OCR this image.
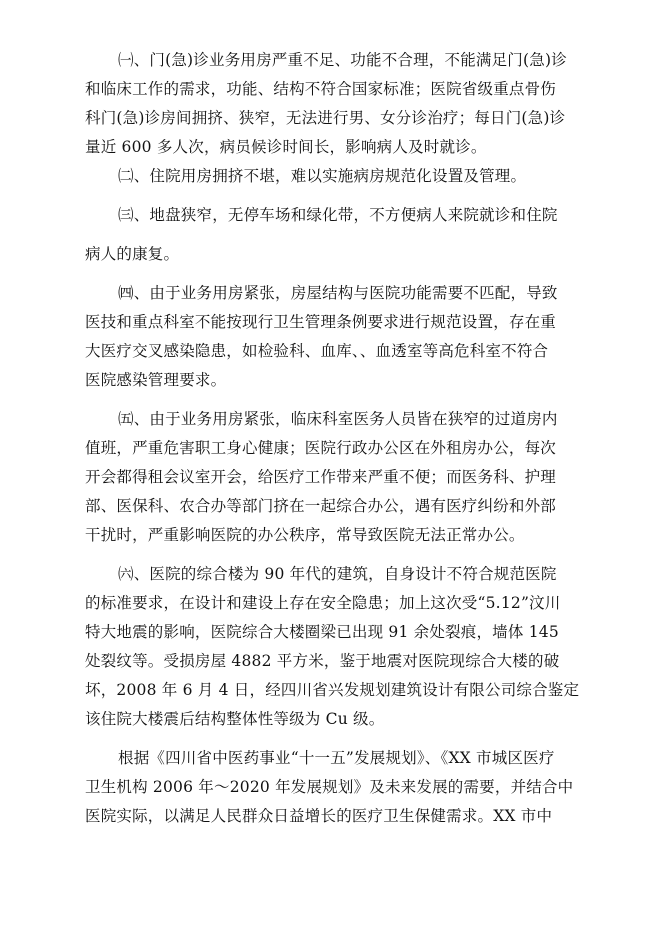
㈠、门(急)诊业务用房严重不足、功能不合理，不能满足门(急)诊
和临床工作的需求，功能、结构不符合国家标准；医院省级重点骨伤
科门(急)诊房间拥挤、狭窄，无法进行男、女分诊治疗；每日门(急)诊
量近 600 多人次，病员候诊时间长，影响病人及时就诊。
㈡、住院用房拥挤不堪，难以实施病房规范化设置及管理。
㈢、地盘狭窄，无停车场和绿化带，不方便病人来院就诊和住院
病人的康复。
㈣、由于业务用房紧张，房屋结构与医院功能需要不匹配，导致
医技和重点科室不能按现行卫生管理条例要求进行规范设置，存在重
大医疗交叉感染隐患，如检验科、血库、、血透室等高危科室不符合
医院感染管理要求。
㈤、由于业务用房紧张，临床科室医务人员皆在狭窄的过道房内
值班，严重危害职工身心健康；医院行政办公区在外租房办公，每次
开会都得租会议室开会，给医疗工作带来严重不便；而医务科、护理
部、医保科、农合办等部门挤在一起综合办公，遇有医疗纠纷和外部
干扰时，严重影响医院的办公秩序，常导致医院无法正常办公。
㈥、医院的综合楼为 90 年代的建筑，自身设计不符合规范医院
的标准要求，在设计和建设上存在安全隐患；加上这次受“5.12”汶川
特大地震的影响，医院综合大楼圈梁已出现 91 余处裂痕，墙体 145
处裂纹等。受损房屋 4882 平方米，鉴于地震对医院现综合大楼的破
坏，2008 年 6 月 4 日，经四川省兴发规划建筑设计有限公司综合鉴定
该住院大楼震后结构整体性等级为 Cu 级。
根据《四川省中医药事业“十一五”发展规划》、《XX 市城区医疗
卫生机构 2006 年～2020 年发展规划》及未来发展的需要，并结合中
医院实际，以满足人民群众日益增长的医疗卫生保健需求。XX 市中
